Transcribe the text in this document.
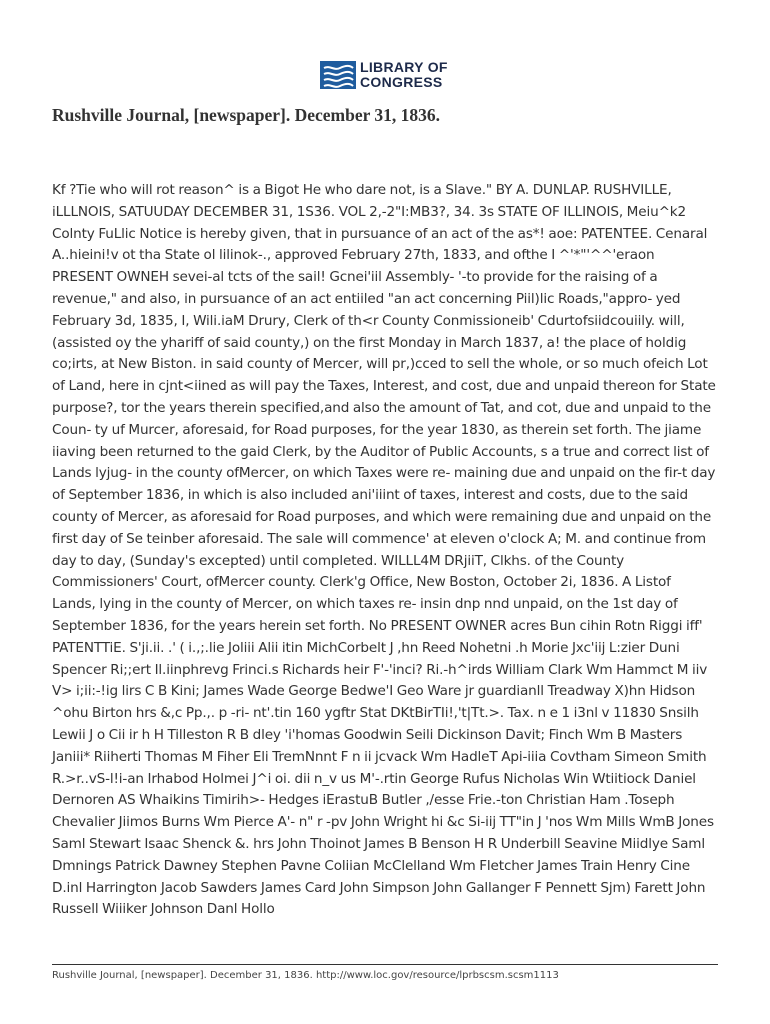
LIBRARY OF
CONGRESS
Rushville Journal, [newspaper]. December 31, 1836.

Kf ?Tie who will rot reason^ is a Bigot He who dare not, is a Slave." BY A. DUNLAP. RUSHVILLE, iLLLNOIS, SATUUDAY DECEMBER 31, 1S36. VOL 2,-2"I:MB3?, 34. 3s STATE OF ILLINOIS, Meiu^k2 Colnty FuLlic Notice is hereby given, that in pursuance of an act of the as*! aoe: PATENTEE. Cenaral A..hieini!v ot tha State ol lilinok-., approved February 27th, 1833, and ofthe I ^'*"'^^'eraon PRESENT OWNEH sevei-al tcts of the sail! Gcnei'iil Assembly- '-to provide for the raising of a revenue," and also, in pursuance of an act entiiled "an act concerning Piil)lic Roads,"appro- yed February 3d, 1835, I, Wili.iaM Drury, Clerk of th<r County Conmissioneib' Cdurtofsiidcouiily. will, (assisted oy the yhariff of said county,) on the first Monday in March 1837, a! the place of holdig co;irts, at New Biston. in said county of Mercer, will pr,)cced to sell the whole, or so much ofeich Lot of Land, here in cjnt<iined as will pay the Taxes, Interest, and cost, due and unpaid thereon for State purpose?, tor the years therein specified,and also the amount of Tat, and cot, due and unpaid to the Coun- ty uf Murcer, aforesaid, for Road purposes, for the year 1830, as therein set forth. The jiame iiaving been returned to the gaid Clerk, by the Auditor of Public Accounts, s a true and correct list of Lands lyjug- in the county ofMercer, on which Taxes were re- maining due and unpaid on the fir-t day of September 1836, in which is also included ani'iiint of taxes, interest and costs, due to the said county of Mercer, as aforesaid for Road purposes, and which were remaining due and unpaid on the first day of Se teinber aforesaid. The sale will commence' at eleven o'clock A; M. and continue from day to day, (Sunday's excepted) until completed. WILLL4M DRjiiT, Clkhs. of the County Commissioners' Court, ofMercer county. Clerk'g Office, New Boston, October 2i, 1836. A Listof Lands, lying in the county of Mercer, on which taxes re- insin dnp nnd unpaid, on the 1st day of September 1836, for the years herein set forth. No PRESENT OWNER acres Bun cihin Rotn Riggi iff' PATENTTiE. S'ji.ii. .' ( i.,;.lie Joliii Alii itin MichCorbelt J ,hn Reed Nohetni .h Morie Jxc'iij L:zier Duni Spencer Ri;;ert Il.iinphrevg Frinci.s Richards heir F'-'inci? Ri.-h^irds William Clark Wm Hammct M iiv V> i;ii:-!ig lirs C B Kini; James Wade George Bedwe'I Geo Ware jr guardianll Treadway X)hn Hidson ^ohu Birton hrs &,c Pp.,. p -ri- nt'.tin 160 ygftr Stat DKtBirTIi!,'t|Tt.>. Tax. n e 1 i3nl v 11830 Snsilh Lewii J o Cii ir h H Tilleston R B dley 'i'homas Goodwin Seili Dickinson Davit; Finch Wm B Masters Janiii* Riiherti Thomas M Fiher Eli TremNnnt F n ii jcvack Wm HadleT Api-iiia Covtham Simeon Smith R.>r..vS-l!i-an Irhabod Holmei J^i oi. dii n_v us M'-.rtin George Rufus Nicholas Win Wtiitiock Daniel Dernoren AS Whaikins Timirih>- Hedges iErastuB Butler ,/esse Frie.-ton Christian Ham .Toseph Chevalier Jiimos Burns Wm Pierce A'- n" r -pv John Wright hi &c Si-iij TT"in J 'nos Wm Mills WmB Jones Saml Stewart Isaac Shenck &. hrs John Thoinot James B Benson H R Underbill Seavine Miidlye Saml Dmnings Patrick Dawney Stephen Pavne Coliian McClelland Wm Fletcher James Train Henry Cine D.inl Harrington Jacob Sawders James Card John Simpson John Gallanger F Pennett Sjm) Farett John Russell Wiiiker Johnson Danl Hollo

Rushville Journal, [newspaper]. December 31, 1836. http://www.loc.gov/resource/lprbscsm.scsm1113
